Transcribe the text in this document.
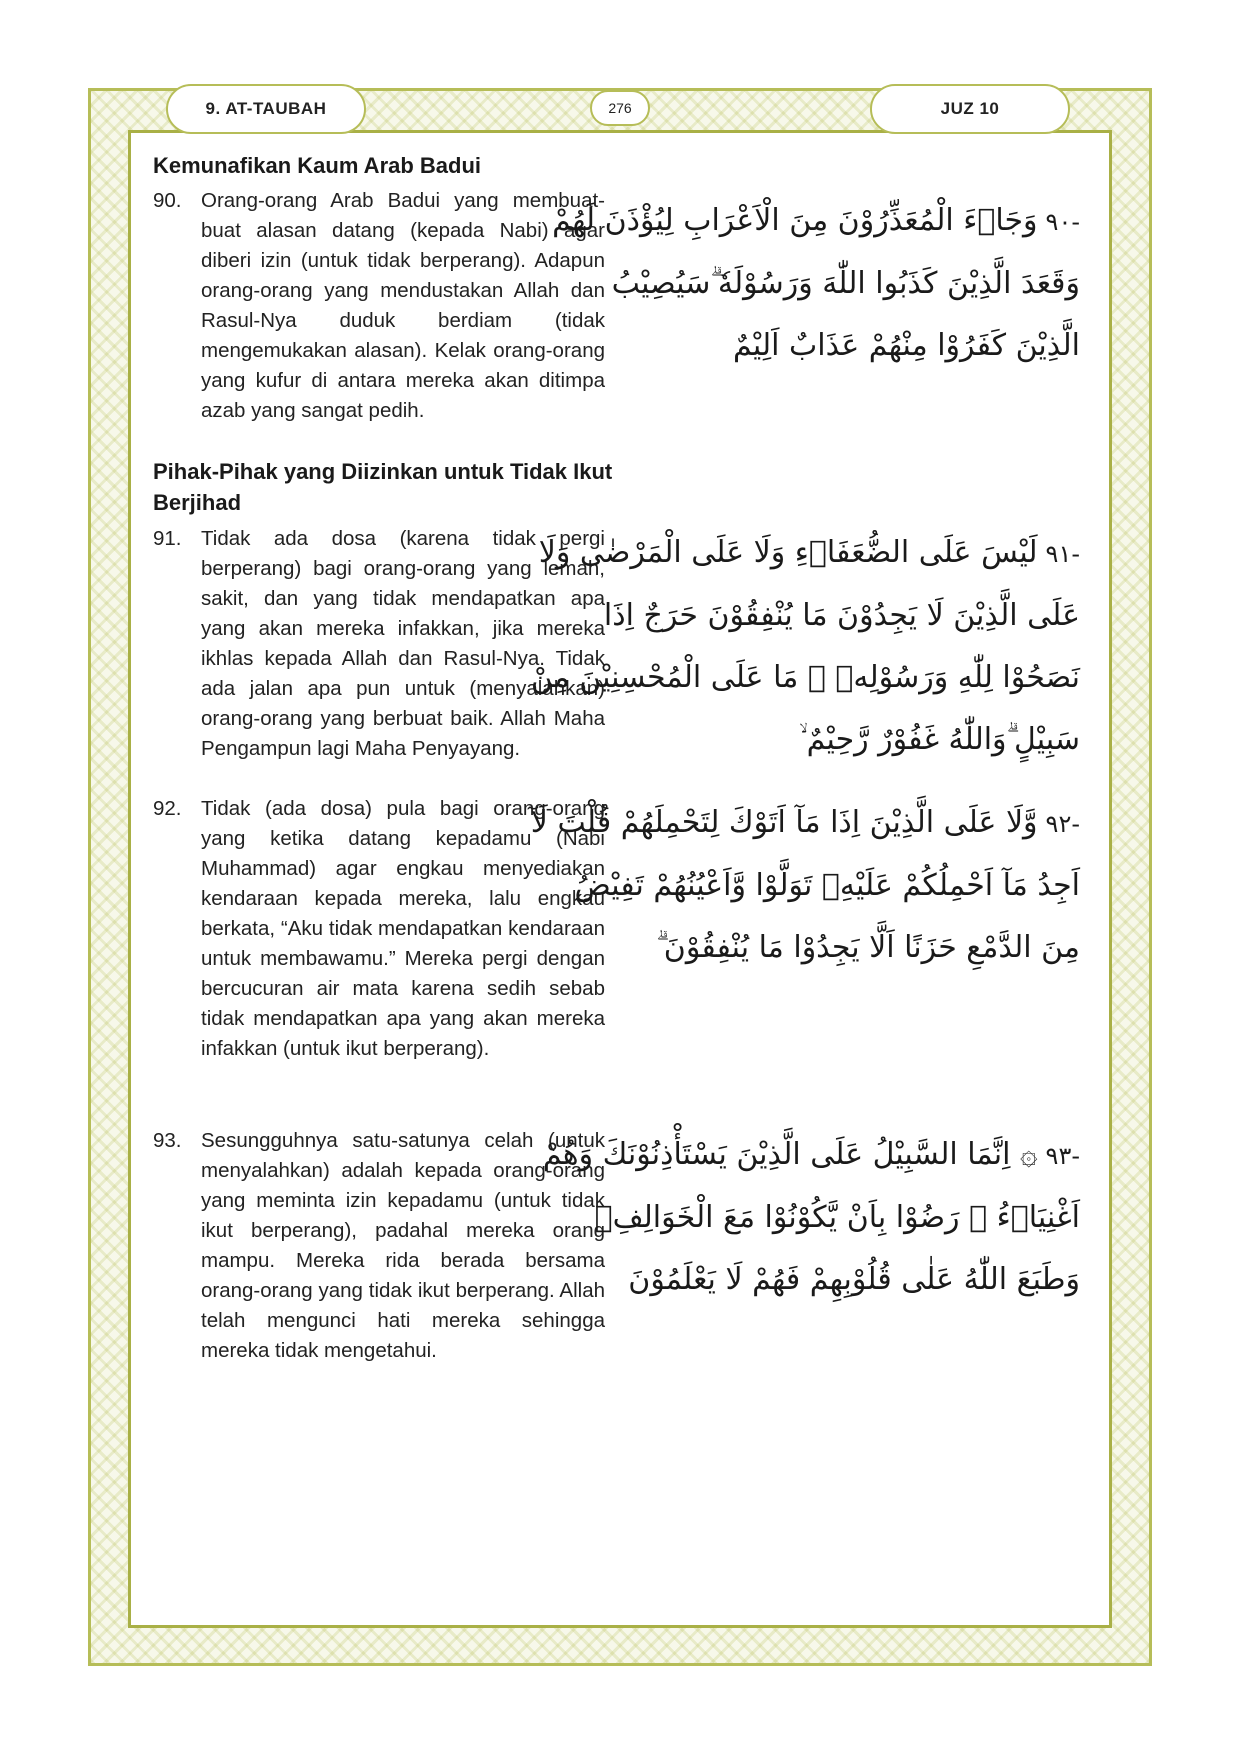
9. AT-TAUBAH	276	JUZ 10
Kemunafikan Kaum Arab Badui
90. Orang-orang Arab Badui yang membuat-buat alasan datang (kepada Nabi) agar diberi izin (untuk tidak berperang). Adapun orang-orang yang mendustakan Allah dan Rasul-Nya duduk berdiam (tidak mengemukakan alasan). Kelak orang-orang yang kufur di antara mereka akan ditimpa azab yang sangat pedih.
-٩٠وَجَاۤءَ الْمُعَذِّرُوْنَ مِنَ الْاَعْرَابِ لِيُؤْذَنَ لَهُمْ
وَقَعَدَ الَّذِيْنَ كَذَبُوا اللّٰهَ وَرَسُوْلَهٗ ۗسَيُصِيْبُ
الَّذِيْنَ كَفَرُوْا مِنْهُمْ عَذَابٌ اَلِيْمٌ
Pihak-Pihak yang Diizinkan untuk Tidak Ikut Berjihad
91. Tidak ada dosa (karena tidak pergi berperang) bagi orang-orang yang lemah, sakit, dan yang tidak mendapatkan apa yang akan mereka infakkan, jika mereka ikhlas kepada Allah dan Rasul-Nya. Tidak ada jalan apa pun untuk (menyalahkan) orang-orang yang berbuat baik. Allah Maha Pengampun lagi Maha Penyayang.
-٩١لَيْسَ عَلَى الضُّعَفَاۤءِ وَلَا عَلَى الْمَرْضٰى وَلَا
عَلَى الَّذِيْنَ لَا يَجِدُوْنَ مَا يُنْفِقُوْنَ حَرَجٌ اِذَا
نَصَحُوْا لِلّٰهِ وَرَسُوْلِهٖ ۗ مَا عَلَى الْمُحْسِنِيْنَ مِنْ
سَبِيْلٍ ۗوَاللّٰهُ غَفُوْرٌ رَّحِيْمٌ ۙ
92. Tidak (ada dosa) pula bagi orang-orang yang ketika datang kepadamu (Nabi Muhammad) agar engkau menyediakan kendaraan kepada mereka, lalu engkau berkata, “Aku tidak mendapatkan kendaraan untuk membawamu.” Mereka pergi dengan bercucuran air mata karena sedih sebab tidak mendapatkan apa yang akan mereka infakkan (untuk ikut berperang).
-٩٢وَّلَا عَلَى الَّذِيْنَ اِذَا مَآ اَتَوْكَ لِتَحْمِلَهُمْ قُلْتَ لَآ
اَجِدُ مَآ اَحْمِلُكُمْ عَلَيْهِۖ تَوَلَّوْا وَّاَعْيُنُهُمْ تَفِيْضُ
مِنَ الدَّمْعِ حَزَنًا اَلَّا يَجِدُوْا مَا يُنْفِقُوْنَ ۗ
93. Sesungguhnya satu-satunya celah (untuk menyalahkan) adalah kepada orang-orang yang meminta izin kepadamu (untuk tidak ikut berperang), padahal mereka orang mampu. Mereka rida berada bersama orang-orang yang tidak ikut berperang. Allah telah mengunci hati mereka sehingga mereka tidak mengetahui.
-٩٣۞ اِنَّمَا السَّبِيْلُ عَلَى الَّذِيْنَ يَسْتَأْذِنُوْنَكَ وَهُمْ
اَغْنِيَاۤءُ ۚ رَضُوْا بِاَنْ يَّكُوْنُوْا مَعَ الْخَوَالِفِۙ
وَطَبَعَ اللّٰهُ عَلٰى قُلُوْبِهِمْ فَهُمْ لَا يَعْلَمُوْنَ
